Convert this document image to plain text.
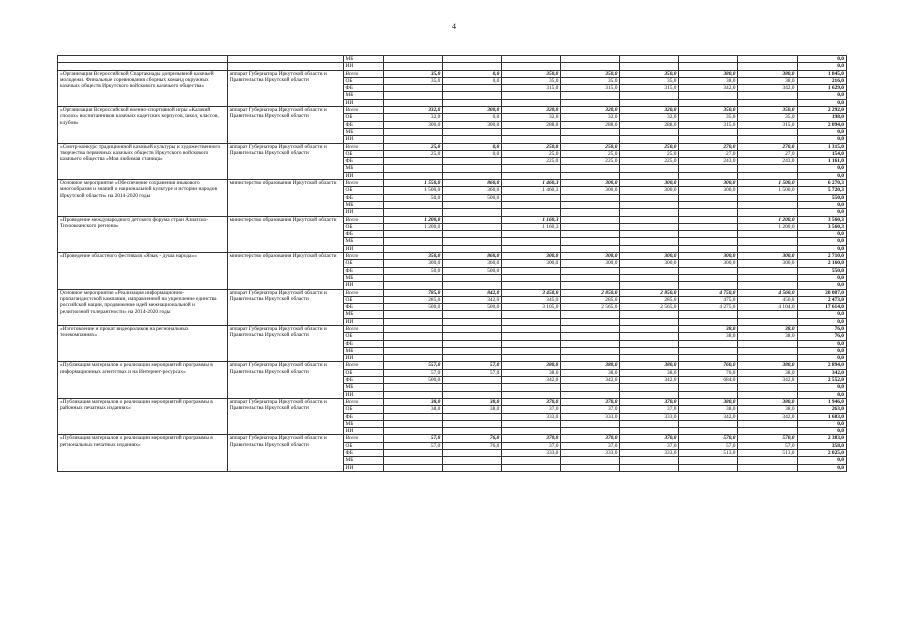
4
		МБ								0,0
		ИИ								0,0
«Организация Всероссийской Спартакиады допризывной казачьей молодежи. Финальные соревнования сборных команд окружных казачьих обществ Иркутского войскового казачьего общества»	аппарат Губернатора Иркутской области и Правительства Иркутской области	Всего	35,0	0,0	350,0	350,0	350,0	380,0	380,0	1 845,0
		ОБ	35,0	0,0	35,0	35,0	35,0	38,0	38,0	216,0
		ФБ			315,0	315,0	315,0	342,0	342,0	1 629,0
		МБ								0,0
		ИИ								0,0
«Организация Всероссийской военно-спортивной игры «Казачий сполох» воспитанников казачьих кадетских корпусов, школ, классов, клубов»	аппарат Губернатора Иркутской области и Правительства Иркутской области	Всего	332,0	300,0	320,0	320,0	320,0	350,0	350,0	2 292,0
		ОБ	32,0	0,0	32,0	32,0	32,0	35,0	35,0	198,0
		ФБ	300,0	300,0	288,0	288,0	288,0	315,0	315,0	2 094,0
		МБ								0,0
		ИИ								0,0
«Смотр-конкурс традиционной казачьей культуры и художественного творчества первичных казачьих обществ Иркутского войскового казачьего общества «Моя любимая станица»	аппарат Губернатора Иркутской области и Правительства Иркутской области	Всего	25,0	0,0	250,0	250,0	250,0	270,0	270,0	1 315,0
		ОБ	25,0	0,0	25,0	25,0	25,0	27,0	27,0	154,0
		ФБ			225,0	225,0	225,0	243,0	243,0	1 161,0
		МБ								0,0
		ИИ								0,0
Основное мероприятие «Обеспечение сохранения языкового многообразия и знаний о национальной культуре и истории народов Иркутской области» на 2014-2020 годы	министерство образования Иркутской области	Всего	1 550,0	860,0	1 460,3	300,0	300,0	300,0	1 500,0	6 270,3
		ОБ	1 500,0	360,0	1 460,3	300,0	300,0	300,0	1 500,0	5 720,3
		ФБ	50,0	500,0						550,0
		МБ								0,0
		ИИ								0,0
«Проведение международного детского форума стран Азиатско-Тихоокеанского региона»	министерство образования Иркутской области	Всего	1 200,0		1 160,3				1 200,0	3 560,3
		ОБ	1 200,0		1 160,3				1 200,0	3 560,3
		ФБ								0,0
		МБ								0,0
		ИИ								0,0
«Проведение областного фестиваля «Язык - душа народа»»	министерство образования Иркутской области	Всего	350,0	860,0	300,0	300,0	300,0	300,0	300,0	2 710,0
		ОБ	300,0	360,0	300,0	300,0	300,0	300,0	300,0	2 160,0
		ФБ	50,0	500,0						550,0
		МБ								0,0
		ИИ								0,0
Основное мероприятие «Реализация информационно-пропагандистской кампании, направленной на укрепление единства российской нации, продвижение идей межнациональной и религиозной толерантности» на 2014-2020 годы	аппарат Губернатора Иркутской области и Правительства Иркутской области	Всего	785,0	842,0	3 450,0	2 850,0	2 850,0	4 750,0	4 560,0	20 087,0
		ОБ	285,0	342,0	345,0	285,0	285,0	475,0	456,0	2 473,0
		ФБ	500,0	500,0	3 105,0	2 565,0	2 565,0	4 275,0	4 104,0	17 614,0
		МБ								0,0
		ИИ								0,0
«Изготовление и прокат видеороликов на региональных телекомпаниях»	аппарат Губернатора Иркутской области и Правительства Иркутской области	Всего						38,0	38,0	76,0
		ОБ						38,0	38,0	76,0
		ФБ								0,0
		МБ								0,0
		ИИ								0,0
«Публикация материалов о реализации мероприятий программы в информационных агентствах и на Интернет-ресурсах»	аппарат Губернатора Иркутской области и Правительства Иркутской области	Всего	557,0	57,0	380,0	380,0	380,0	760,0	380,0	2 894,0
		ОБ	57,0	57,0	38,0	38,0	38,0	76,0	38,0	342,0
		ФБ	500,0		342,0	342,0	342,0	684,0	342,0	2 552,0
		МБ								0,0
		ИИ								0,0
«Публикация материалов о реализации мероприятий программы в районных печатных изданиях»	аппарат Губернатора Иркутской области и Правительства Иркутской области	Всего	38,0	38,0	370,0	370,0	370,0	380,0	380,0	1 946,0
		ОБ	38,0	38,0	37,0	37,0	37,0	38,0	38,0	263,0
		ФБ			333,0	333,0	333,0	342,0	342,0	1 683,0
		МБ								0,0
		ИИ								0,0
«Публикация материалов о реализации мероприятий программы в региональных печатных изданиях»	аппарат Губернатора Иркутской области и Правительства Иркутской области	Всего	57,0	76,0	370,0	370,0	370,0	570,0	570,0	2 383,0
		ОБ	57,0	76,0	37,0	37,0	37,0	57,0	57,0	358,0
		ФБ			333,0	333,0	333,0	513,0	513,0	2 025,0
		МБ								0,0
		ИИ								0,0
